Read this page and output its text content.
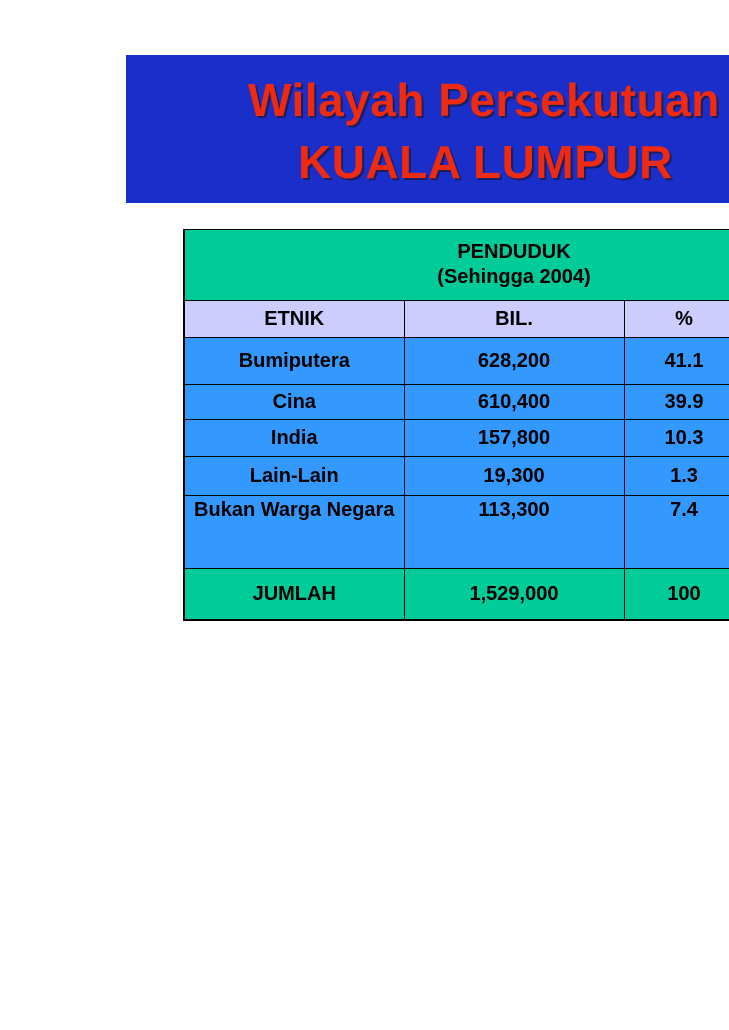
Wilayah Persekutuan
KUALA LUMPUR

	PENDUDUK
(Sehingga 2004)	

ETNIK	BIL.	%
Bumiputera	628,200	41.1
Cina	610,400	39.9
India	157,800	10.3
Lain-Lain	19,300	1.3
Bukan Warga Negara	113,300	7.4
JUMLAH	1,529,000	100
